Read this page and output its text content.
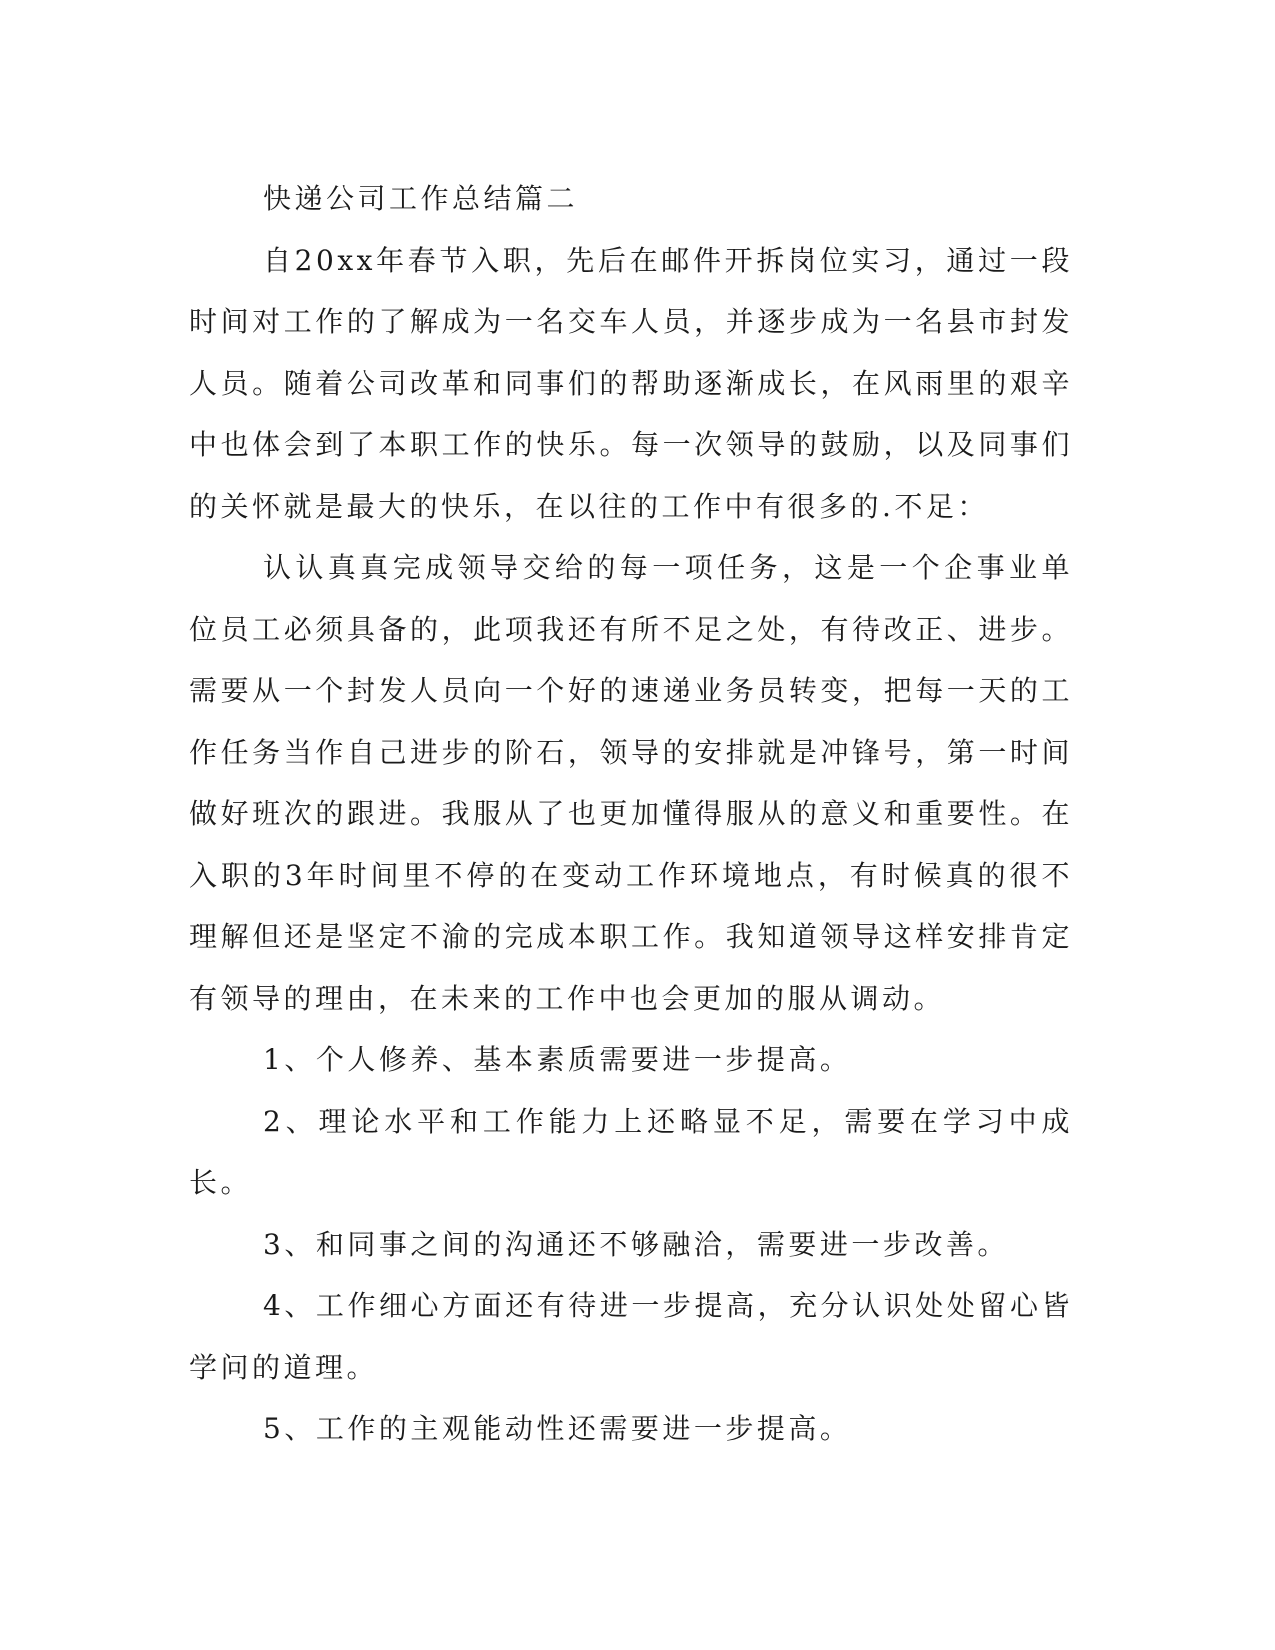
快递公司工作总结篇二

自20xx年春节入职，先后在邮件开拆岗位实习，通过一段时间对工作的了解成为一名交车人员，并逐步成为一名县市封发人员。随着公司改革和同事们的帮助逐渐成长，在风雨里的艰辛中也体会到了本职工作的快乐。每一次领导的鼓励，以及同事们的关怀就是最大的快乐，在以往的工作中有很多的.不足：

认认真真完成领导交给的每一项任务，这是一个企事业单位员工必须具备的，此项我还有所不足之处，有待改正、进步。需要从一个封发人员向一个好的速递业务员转变，把每一天的工作任务当作自己进步的阶石，领导的安排就是冲锋号，第一时间做好班次的跟进。我服从了也更加懂得服从的意义和重要性。在入职的3年时间里不停的在变动工作环境地点，有时候真的很不理解但还是坚定不渝的完成本职工作。我知道领导这样安排肯定有领导的理由，在未来的工作中也会更加的服从调动。

1、个人修养、基本素质需要进一步提高。

2、理论水平和工作能力上还略显不足，需要在学习中成长。

3、和同事之间的沟通还不够融洽，需要进一步改善。

4、工作细心方面还有待进一步提高，充分认识处处留心皆学问的道理。

5、工作的主观能动性还需要进一步提高。
